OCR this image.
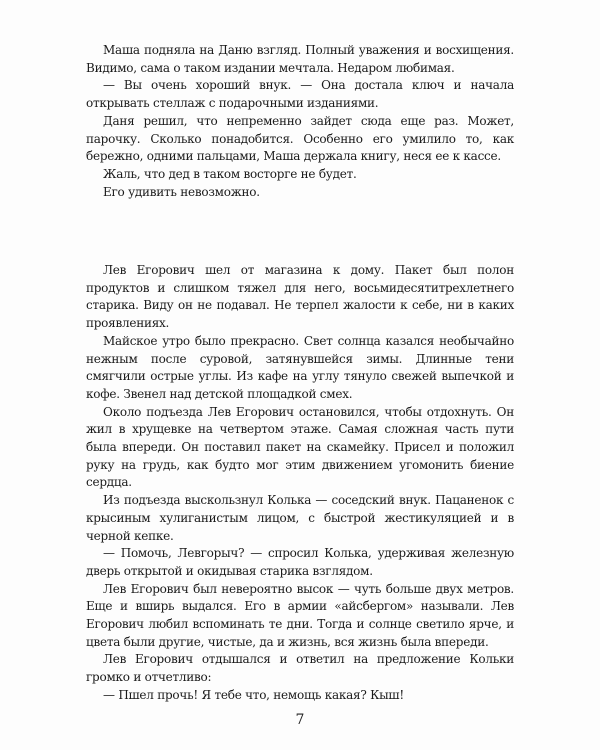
Маша подняла на Даню взгляд. Полный уважения и восхищения. Видимо, сама о таком издании мечтала. Недаром любимая.

— Вы очень хороший внук. — Она достала ключ и начала открывать стеллаж с подарочными изданиями.

Даня решил, что непременно зайдет сюда еще раз. Может, парочку. Сколько понадобится. Особенно его умилило то, как бережно, одними пальцами, Маша держала книгу, неся ее к кассе.

Жаль, что дед в таком восторге не будет.

Его удивить невозможно.

Лев Егорович шел от магазина к дому. Пакет был полон продуктов и слишком тяжел для него, восьмидесятитрехлетнего старика. Виду он не подавал. Не терпел жалости к себе, ни в каких проявлениях.

Майское утро было прекрасно. Свет солнца казался необычайно нежным после суровой, затянувшейся зимы. Длинные тени смягчили острые углы. Из кафе на углу тянуло свежей выпечкой и кофе. Звенел над детской площадкой смех.

Около подъезда Лев Егорович остановился, чтобы отдохнуть. Он жил в хрущевке на четвертом этаже. Самая сложная часть пути была впереди. Он поставил пакет на скамейку. Присел и положил руку на грудь, как будто мог этим движением угомонить биение сердца.

Из подъезда выскользнул Колька — соседский внук. Пацаненок с крысиным хулиганистым лицом, с быстрой жестикуляцией и в черной кепке.

— Помочь, Левгорыч? — спросил Колька, удерживая железную дверь открытой и окидывая старика взглядом.

Лев Егорович был невероятно высок — чуть больше двух метров. Еще и вширь выдался. Его в армии «айсбергом» называли. Лев Егорович любил вспоминать те дни. Тогда и солнце светило ярче, и цвета были другие, чистые, да и жизнь, вся жизнь была впереди.

Лев Егорович отдышался и ответил на предложение Кольки громко и отчетливо:

— Пшел прочь! Я тебе что, немощь какая? Кыш!

7
